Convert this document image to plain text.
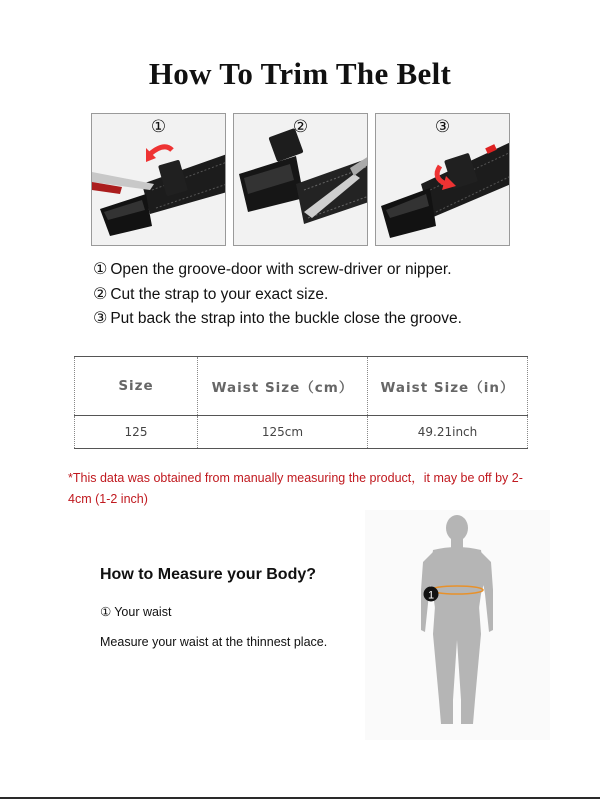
How To Trim The Belt
①	②	③
① Open the groove-door with screw-driver or nipper.
② Cut the strap to your exact size.
③ Put back the strap into the buckle close the groove.
Size	Waist Size（cm）	Waist Size（in）
125	125cm	49.21inch
*This data was obtained from manually measuring the product，it may be off by 2-4cm (1-2 inch)
How to Measure your Body?
① Your waist
Measure your waist at the thinnest place.
1
